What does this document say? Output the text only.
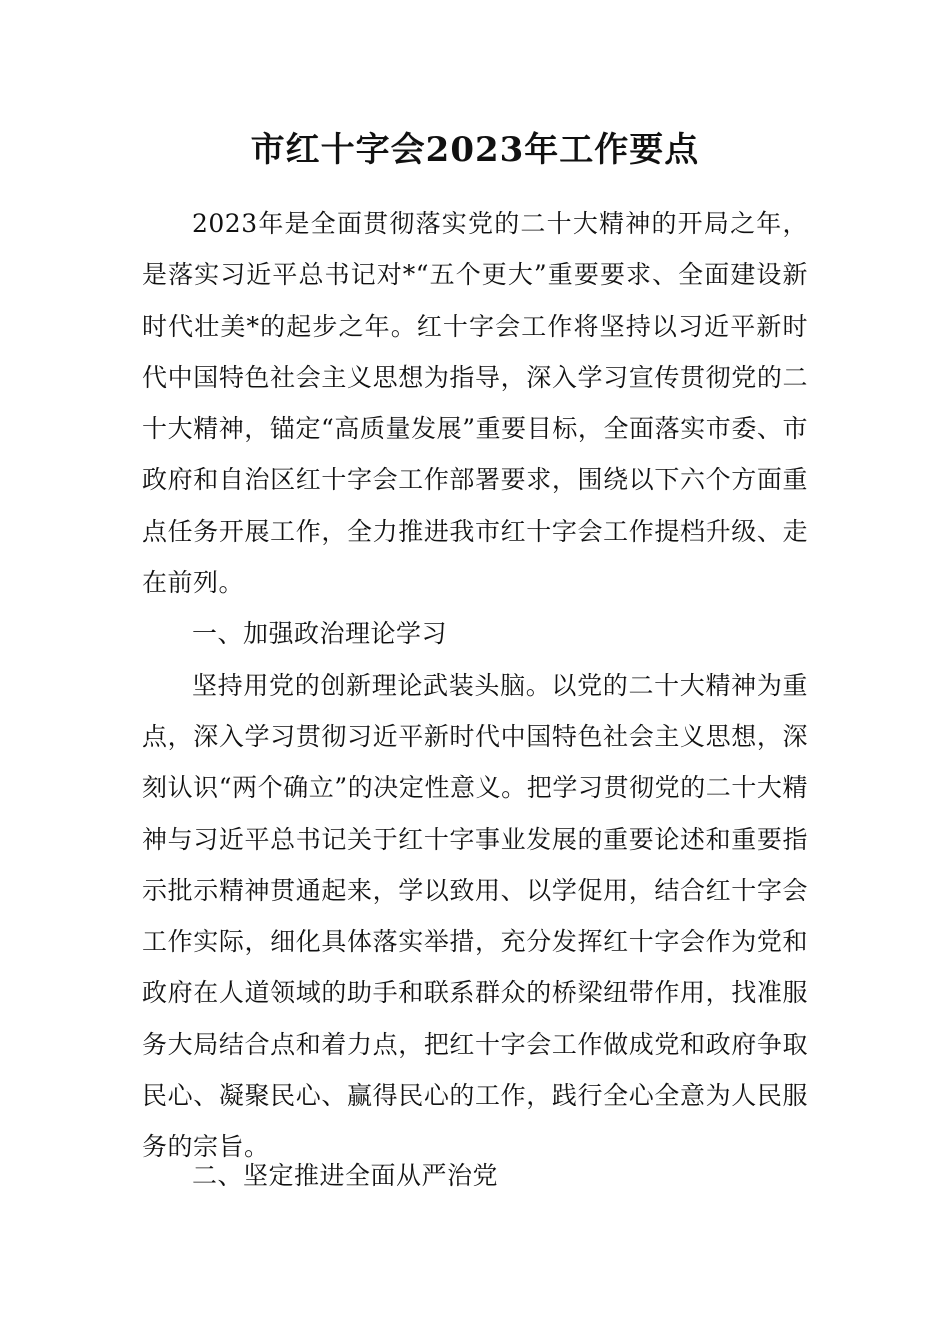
市红十字会2023年工作要点

2023年是全面贯彻落实党的二十大精神的开局之年，是落实习近平总书记对*“五个更大”重要要求、全面建设新时代壮美*的起步之年。红十字会工作将坚持以习近平新时代中国特色社会主义思想为指导，深入学习宣传贯彻党的二十大精神，锚定“高质量发展”重要目标，全面落实市委、市政府和自治区红十字会工作部署要求，围绕以下六个方面重点任务开展工作，全力推进我市红十字会工作提档升级、走在前列。

一、加强政治理论学习

坚持用党的创新理论武装头脑。以党的二十大精神为重点，深入学习贯彻习近平新时代中国特色社会主义思想，深刻认识“两个确立”的决定性意义。把学习贯彻党的二十大精神与习近平总书记关于红十字事业发展的重要论述和重要指示批示精神贯通起来，学以致用、以学促用，结合红十字会工作实际，细化具体落实举措，充分发挥红十字会作为党和政府在人道领域的助手和联系群众的桥梁纽带作用，找准服务大局结合点和着力点，把红十字会工作做成党和政府争取民心、凝聚民心、赢得民心的工作，践行全心全意为人民服务的宗旨。

二、坚定推进全面从严治党
